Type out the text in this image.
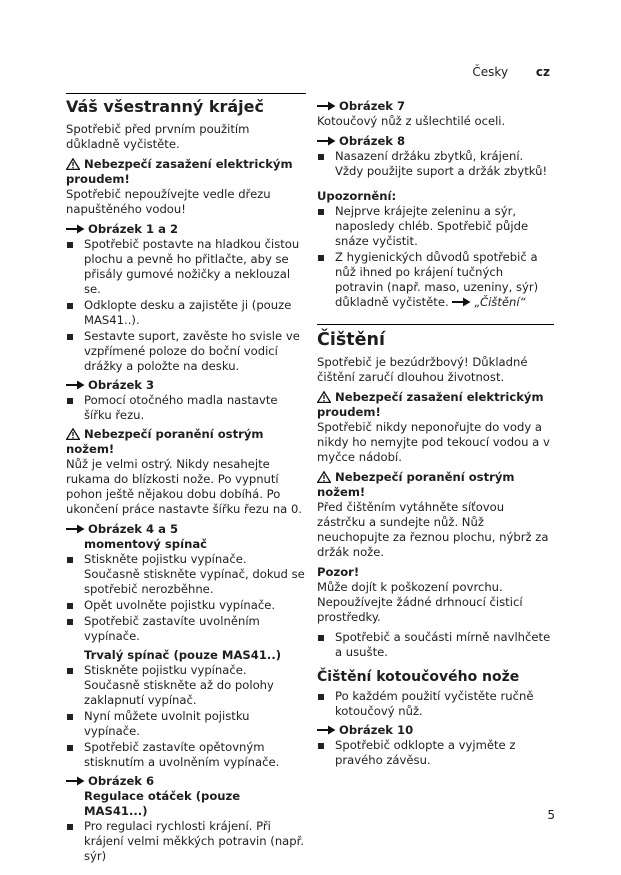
Česky cz
Váš všestranný kráječ

Spotřebič před prvním použitím důkladně vyčistěte.

Nebezpečí zasažení elektrickým proudem!

Spotřebič nepoužívejte vedle dřezu napuštěného vodou!

Obrázek 1 a 2
Spotřebič postavte na hladkou čistou plochu a pevně ho přitlačte, aby se přisály gumové nožičky a neklouzal se.
Odklopte desku a zajistěte ji (pouze MAS41..).
Sestavte suport, zavěste ho svisle ve vzpřímené poloze do boční vodicí drážky a položte na desku.
Obrázek 3
Pomocí otočného madla nastavte šířku řezu.
Nebezpečí poranění ostrým nožem!

Nůž je velmi ostrý. Nikdy nesahejte rukama do blízkosti nože. Po vypnutí pohon ještě nějakou dobu dobíhá. Po ukončení práce nastavte šířku řezu na 0.

Obrázek 4 a 5
momentový spínač
Stiskněte pojistku vypínače. Současně stiskněte vypínač, dokud se spotřebič nerozběhne.
Opět uvolněte pojistku vypínače.
Spotřebič zastavíte uvolněním vypínače.
Trvalý spínač (pouze MAS41..)
Stiskněte pojistku vypínače. Současně stiskněte až do polohy zaklapnutí vypínač.
Nyní můžete uvolnit pojistku vypínače.
Spotřebič zastavíte opětovným stisknutím a uvolněním vypínače.
Obrázek 6
Regulace otáček (pouze MAS41...)
Pro regulaci rychlosti krájení. Při krájení velmi měkkých potravin (např. sýr)
Obrázek 7

Kotoučový nůž z ušlechtilé oceli.

Obrázek 8
Nasazení držáku zbytků, krájení. Vždy použijte suport a držák zbytků!
Upozornění:
Nejprve krájejte zeleninu a sýr, naposledy chléb. Spotřebič půjde snáze vyčistit.
Z hygienických důvodů spotřebič a nůž ihned po krájení tučných potravin (např. maso, uzeniny, sýr) důkladně vyčistěte. „Čištění“
Čištění

Spotřebič je bezúdržbový! Důkladné čištění zaručí dlouhou životnost.

Nebezpečí zasažení elektrickým proudem!

Spotřebič nikdy neponořujte do vody a nikdy ho nemyjte pod tekoucí vodou a v myčce nádobí.

Nebezpečí poranění ostrým nožem!

Před čištěním vytáhněte síťovou zástrčku a sundejte nůž. Nůž neuchopujte za řeznou plochu, nýbrž za držák nože.

Pozor!

Může dojít k poškození povrchu. Nepoužívejte žádné drhnoucí čisticí prostředky.

Spotřebič a součásti mírně navlhčete a usušte.
Čištění kotoučového nože
Po každém použití vyčistěte ručně kotoučový nůž.
Obrázek 10
Spotřebič odklopte a vyjměte z pravého závěsu.
5
